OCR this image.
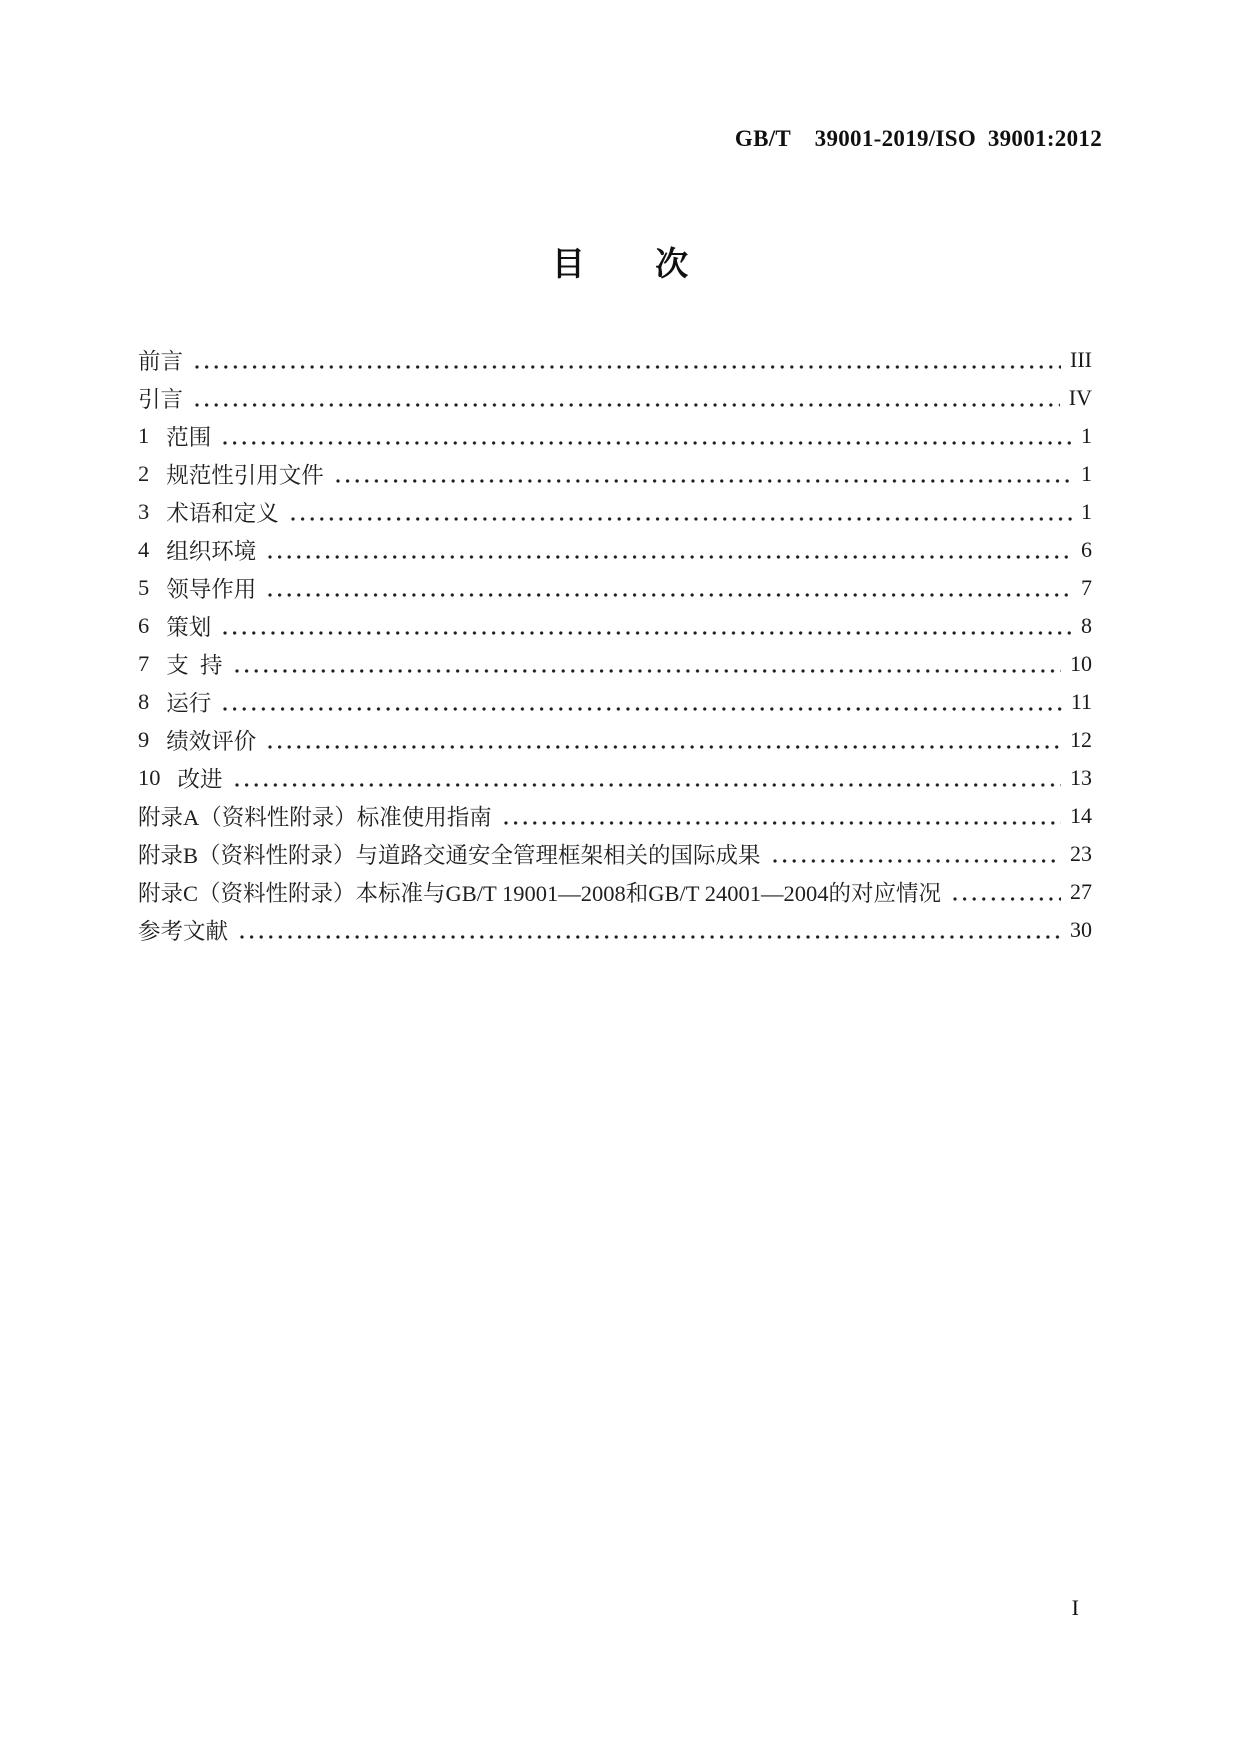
GB/T  39001-2019/ISO 39001:2012
目 次
前言	III
引言	IV
1 范围	1
2 规范性引用文件	1
3 术语和定义	1
4 组织环境	6
5 领导作用	7
6 策划	8
7 支 持	10
8 运行	11
9 绩效评价	12
10 改进	13
附录A（资料性附录）标准使用指南	14
附录B（资料性附录）与道路交通安全管理框架相关的国际成果	23
附录C（资料性附录）本标准与GB/T 19001—2008和GB/T 24001—2004的对应情况	27
参考文献	30
I
